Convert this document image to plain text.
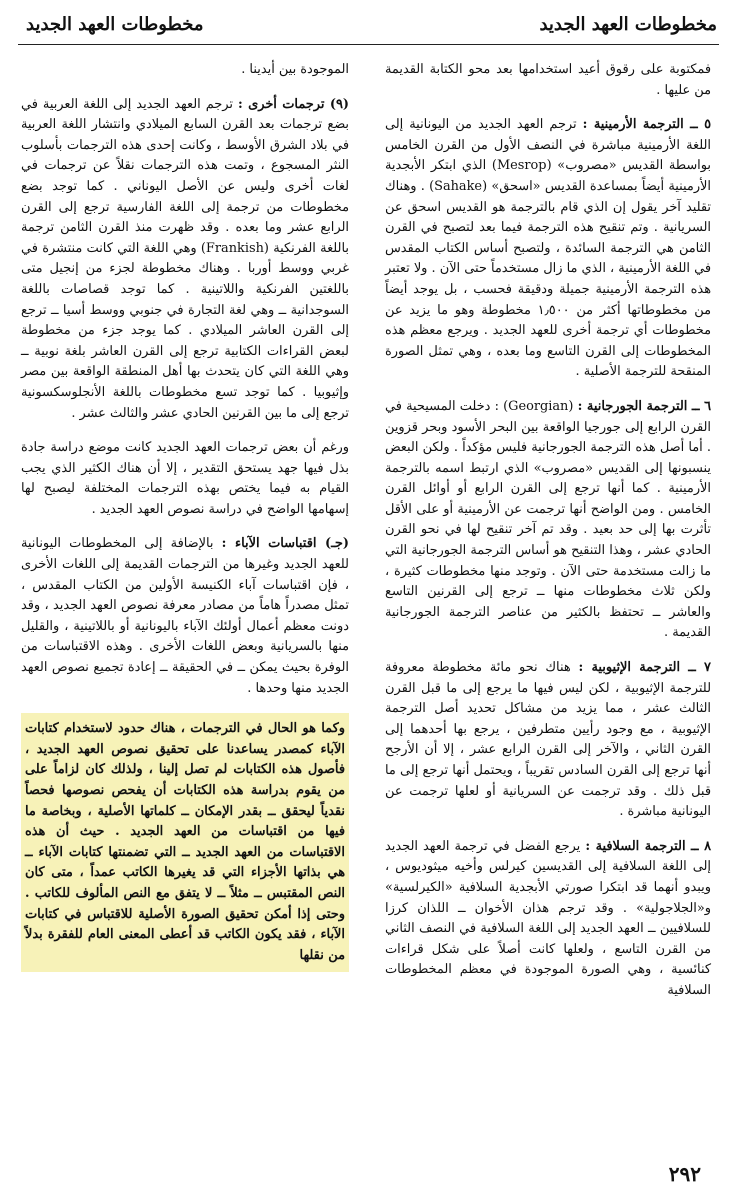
مخطوطات العهد الجديد
مخطوطات العهد الجديد

فمكتوبة على رقوق أعيد استخدامها بعد محو الكتابة القديمة من عليها .

٥ ــ الترجمة الأرمينية : ترجم العهد الجديد من اليونانية إلى اللغة الأرمينية مباشرة في النصف الأول من القرن الخامس بواسطة القديس «مصروب» (Mesrop) الذي ابتكر الأبجدية الأرمينية أيضاً بمساعدة القديس «اسحق» (Sahake) . وهناك تقليد آخر يقول إن الذي قام بالترجمة هو القديس اسحق عن السريانية . وتم تنقيح هذه الترجمة فيما بعد لتصبح في القرن الثامن هي الترجمة السائدة ، ولتصبح أساس الكتاب المقدس في اللغة الأرمينية ، الذي ما زال مستخدماً حتى الآن . ولا تعتبر هذه الترجمة الأرمينية جميلة ودقيقة فحسب ، بل يوجد أيضاً من مخطوطاتها أكثر من ١٫٥٠٠ مخطوطة وهو ما يزيد عن مخطوطات أي ترجمة أخرى للعهد الجديد . ويرجع معظم هذه المخطوطات إلى القرن التاسع وما بعده ، وهي تمثل الصورة المنقحة للترجمة الأصلية .

٦ ــ الترجمة الجورجانية : (Georgian) : دخلت المسيحية في القرن الرابع إلى جورجيا الواقعة بين البحر الأسود وبحر قزوين . أما أصل هذه الترجمة الجورجانية فليس مؤكداً . ولكن البعض ينسبونها إلى القديس «مصروب» الذي ارتبط اسمه بالترجمة الأرمينية . كما أنها ترجع إلى القرن الرابع أو أوائل القرن الخامس . ومن الواضح أنها ترجمت عن الأرمينية أو على الأقل تأثرت بها إلى حد بعيد . وقد تم آخر تنقيح لها في نحو القرن الحادي عشر ، وهذا التنقيح هو أساس الترجمة الجورجانية التي ما زالت مستخدمة حتى الآن . وتوجد منها مخطوطات كثيرة ، ولكن ثلاث مخطوطات منها ــ ترجع إلى القرنين التاسع والعاشر ــ تحتفظ بالكثير من عناصر الترجمة الجورجانية القديمة .

٧ ــ الترجمة الإثيوبية : هناك نحو مائة مخطوطة معروفة للترجمة الإثيوبية ، لكن ليس فيها ما يرجع إلى ما قبل القرن الثالث عشر ، مما يزيد من مشاكل تحديد أصل الترجمة الإثيوبية ، مع وجود رأيين متطرفين ، يرجع بها أحدهما إلى القرن الثاني ، والآخر إلى القرن الرابع عشر ، إلا أن الأرجح أنها ترجع إلى القرن السادس تقريباً ، ويحتمل أنها ترجع إلى ما قبل ذلك . وقد ترجمت عن السريانية أو لعلها ترجمت عن اليونانية مباشرة .

٨ ــ الترجمة السلافية : يرجع الفضل في ترجمة العهد الجديد إلى اللغة السلافية إلى القديسين كيرلس وأخيه ميثوديوس ، ويبدو أنهما قد ابتكرا صورتي الأبجدية السلافية «الكيرلسية» و«الجلاجولية» . وقد ترجم هذان الأخوان ــ اللذان كرزا للسلافيين ــ العهد الجديد إلى اللغة السلافية في النصف الثاني من القرن التاسع ، ولعلها كانت أصلاً على شكل قراءات كنائسية ، وهي الصورة الموجودة في معظم المخطوطات السلافية

الموجودة بين أيدينا .

(٩) ترجمات أخرى : ترجم العهد الجديد إلى اللغة العربية في بضع ترجمات بعد القرن السابع الميلادي وانتشار اللغة العربية في بلاد الشرق الأوسط ، وكانت إحدى هذه الترجمات بأسلوب النثر المسجوع ، وتمت هذه الترجمات نقلاً عن ترجمات في لغات أخرى وليس عن الأصل اليوناني . كما توجد بضع مخطوطات من ترجمة إلى اللغة الفارسية ترجع إلى القرن الرابع عشر وما بعده . وقد ظهرت منذ القرن الثامن ترجمة باللغة الفرنكية (Frankish) وهي اللغة التي كانت منتشرة في غربي ووسط أوربا . وهناك مخطوطة لجزء من إنجيل متى باللغتين الفرنكية واللاتينية . كما توجد قصاصات باللغة السوجدانية ــ وهي لغة التجارة في جنوبي ووسط أسيا ــ ترجع إلى القرن العاشر الميلادي . كما يوجد جزء من مخطوطة لبعض القراءات الكتابية ترجع إلى القرن العاشر بلغة نوبية ــ وهي اللغة التي كان يتحدث بها أهل المنطقة الواقعة بين مصر وإثيوبيا . كما توجد تسع مخطوطات باللغة الأنجلوسكسونية ترجع إلى ما بين القرنين الحادي عشر والثالث عشر .

ورغم أن بعض ترجمات العهد الجديد كانت موضع دراسة جادة بذل فيها جهد يستحق التقدير ، إلا أن هناك الكثير الذي يجب القيام به فيما يختص بهذه الترجمات المختلفة ليصبح لها إسهامها الواضح في دراسة نصوص العهد الجديد .

(جـ) اقتباسات الآباء : بالإضافة إلى المخطوطات اليونانية للعهد الجديد وغيرها من الترجمات القديمة إلى اللغات الأخرى ، فإن اقتباسات آباء الكنيسة الأولين من الكتاب المقدس ، تمثل مصدراً هاماً من مصادر معرفة نصوص العهد الجديد ، وقد دونت معظم أعمال أولئك الآباء باليونانية أو باللاتينية ، والقليل منها بالسريانية وبعض اللغات الأخرى . وهذه الاقتباسات من الوفرة بحيث يمكن ــ في الحقيقة ــ إعادة تجميع نصوص العهد الجديد منها وحدها .

وكما هو الحال في الترجمات ، هناك حدود لاستخدام كتابات الآباء كمصدر يساعدنا على تحقيق نصوص العهد الجديد ، فأصول هذه الكتابات لم تصل إلينا ، ولذلك كان لزاماً على من يقوم بدراسة هذه الكتابات أن يفحص نصوصها فحصاً نقدياً ليحقق ــ بقدر الإمكان ــ كلماتها الأصلية ، وبخاصة ما فيها من اقتباسات من العهد الجديد . حيث أن هذه الاقتباسات من العهد الجديد ــ التي تضمنتها كتابات الآباء ــ هي بذاتها الأجزاء التي قد يغيرها الكاتب عمداً ، متى كان النص المقتبس ــ مثلاً ــ لا يتفق مع النص المألوف للكاتب . وحتى إذا أمكن تحقيق الصورة الأصلية للاقتباس في كتابات الآباء ، فقد يكون الكاتب قد أعطى المعنى العام للفقرة بدلاً من نقلها

٢٩٢
